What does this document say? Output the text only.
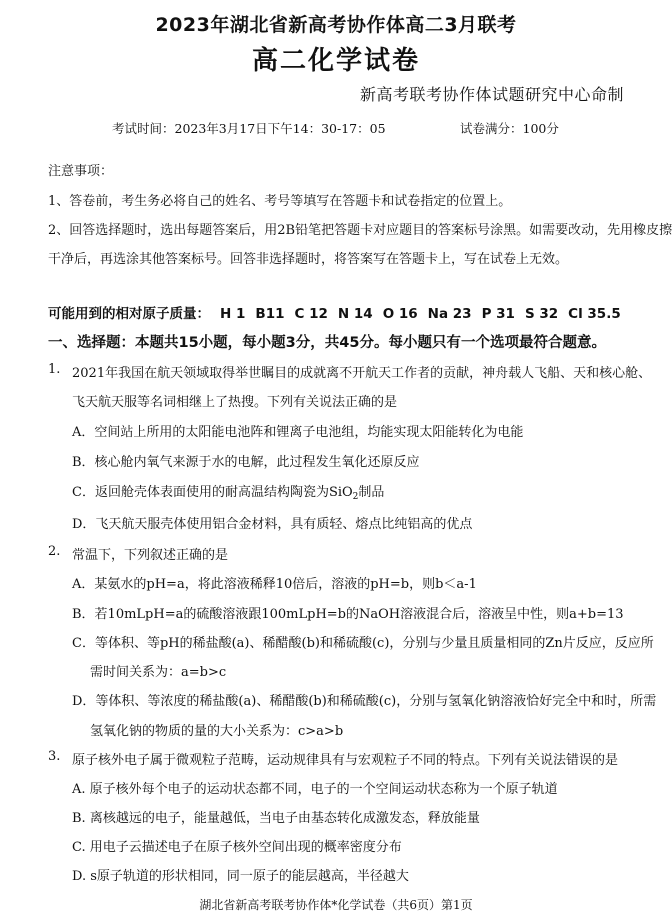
2023年湖北省新高考协作体高二3月联考
高二化学试卷
新高考联考协作体试题研究中心命制
考试时间：2023年3月17日下午14：30-17：05	试卷满分：100分
注意事项：
1、答卷前，考生务必将自己的姓名、考号等填写在答题卡和试卷指定的位置上。
2、回答选择题时，选出每题答案后，用2B铅笔把答题卡对应题目的答案标号涂黑。如需要改动，先用橡皮擦
干净后，再选涂其他答案标号。回答非选择题时，将答案写在答题卡上，写在试卷上无效。
可能用到的相对原子质量： H 1 B11 C 12 N 14 O 16 Na 23 P 31 S 32 Cl 35.5
一、选择题：本题共15小题，每小题3分，共45分。每小题只有一个选项最符合题意。
1. 2021年我国在航天领域取得举世瞩目的成就离不开航天工作者的贡献，神舟载人飞船、天和核心舱、
飞天航天服等名词相继上了热搜。下列有关说法正确的是
A．空间站上所用的太阳能电池阵和锂离子电池组，均能实现太阳能转化为电能
B．核心舱内氧气来源于水的电解，此过程发生氧化还原反应
C．返回舱壳体表面使用的耐高温结构陶瓷为SiO$_2$制品
D．飞天航天服壳体使用铝合金材料，具有质轻、熔点比纯铝高的优点
2. 常温下，下列叙述正确的是
A．某氨水的pH=a，将此溶液稀释10倍后，溶液的pH=b，则b＜a-1
B．若10mLpH=a的硫酸溶液跟100mLpH=b的NaOH溶液混合后，溶液呈中性，则a+b=13
C．等体积、等pH的稀盐酸(a)、稀醋酸(b)和稀硫酸(c)，分别与少量且质量相同的Zn片反应，反应所
需时间关系为：a=b>c
D．等体积、等浓度的稀盐酸(a)、稀醋酸(b)和稀硫酸(c)，分别与氢氧化钠溶液恰好完全中和时，所需
氢氧化钠的物质的量的大小关系为：c>a>b
3. 原子核外电子属于微观粒子范畴，运动规律具有与宏观粒子不同的特点。下列有关说法错误的是
A. 原子核外每个电子的运动状态都不同，电子的一个空间运动状态称为一个原子轨道
B. 离核越远的电子，能量越低，当电子由基态转化成激发态，释放能量
C. 用电子云描述电子在原子核外空间出现的概率密度分布
D. s原子轨道的形状相同，同一原子的能层越高，半径越大
湖北省新高考联考协作体*化学试卷（共6页）第1页
